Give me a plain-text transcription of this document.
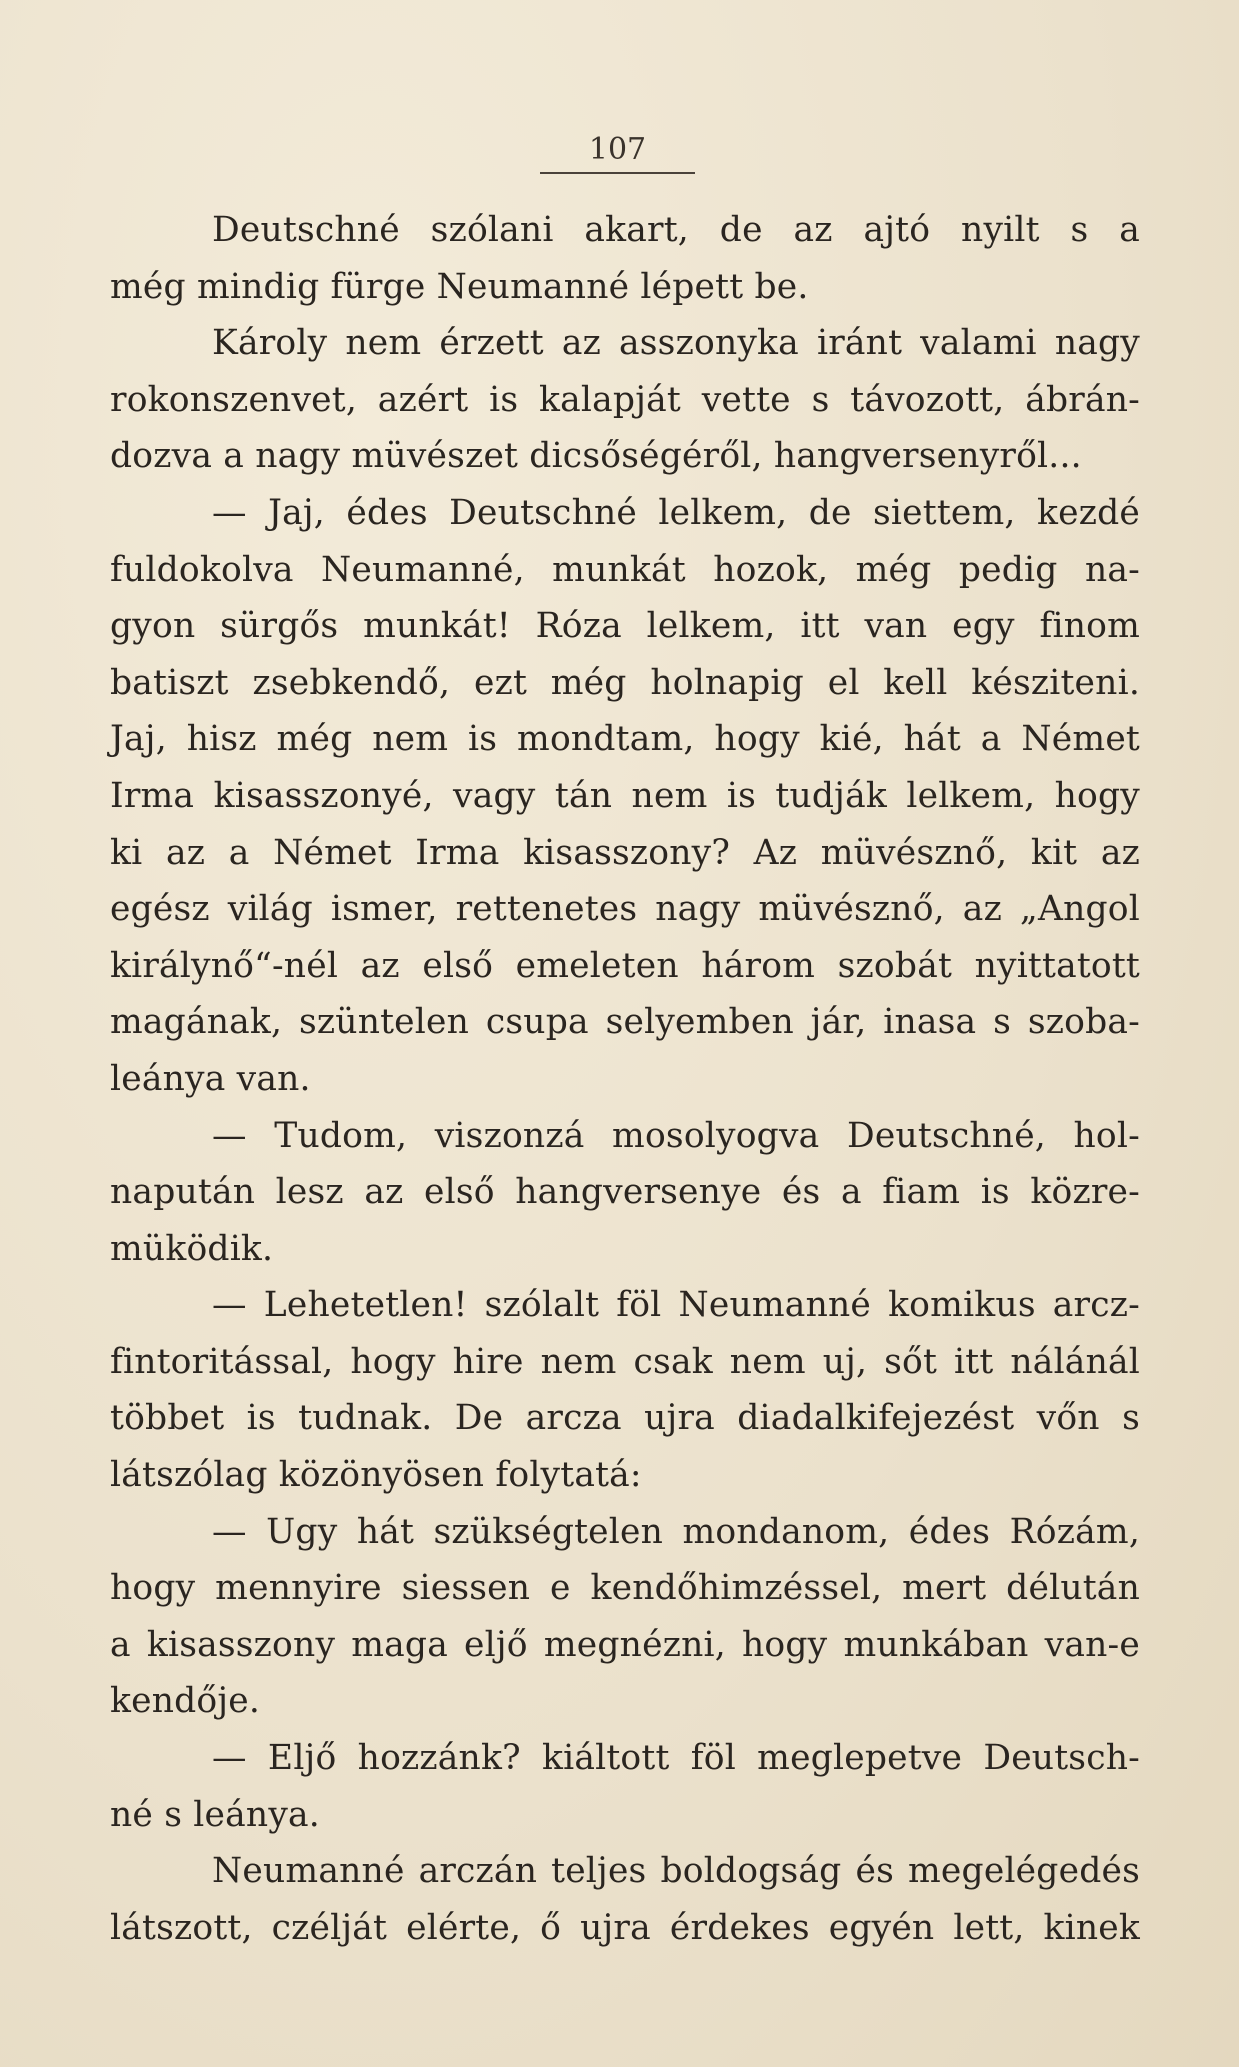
107
Deutschné szólani akart, de az ajtó nyilt s a
még mindig fürge Neumanné lépett be.
Károly nem érzett az asszonyka iránt valami nagy
rokonszenvet, azért is kalapját vette s távozott, ábrán-
dozva a nagy müvészet dicsőségéről, hangversenyről...
— Jaj, édes Deutschné lelkem, de siettem, kezdé
fuldokolva Neumanné, munkát hozok, még pedig na-
gyon sürgős munkát! Róza lelkem, itt van egy finom
batiszt zsebkendő, ezt még holnapig el kell késziteni.
Jaj, hisz még nem is mondtam, hogy kié, hát a Német
Irma kisasszonyé, vagy tán nem is tudják lelkem, hogy
ki az a Német Irma kisasszony? Az müvésznő, kit az
egész világ ismer, rettenetes nagy müvésznő, az „Angol
királynő“-nél az első emeleten három szobát nyittatott
magának, szüntelen csupa selyemben jár, inasa s szoba-
leánya van.
— Tudom, viszonzá mosolyogva Deutschné, hol-
napután lesz az első hangversenye és a fiam is közre-
müködik.
— Lehetetlen! szólalt föl Neumanné komikus arcz-
fintoritással, hogy hire nem csak nem uj, sőt itt nálánál
többet is tudnak. De arcza ujra diadalkifejezést vőn s
látszólag közönyösen folytatá:
— Ugy hát szükségtelen mondanom, édes Rózám,
hogy mennyire siessen e kendőhimzéssel, mert délután
a kisasszony maga eljő megnézni, hogy munkában van-e
kendője.
— Eljő hozzánk? kiáltott föl meglepetve Deutsch-
né s leánya.
Neumanné arczán teljes boldogság és megelégedés
látszott, czélját elérte, ő ujra érdekes egyén lett, kinek
